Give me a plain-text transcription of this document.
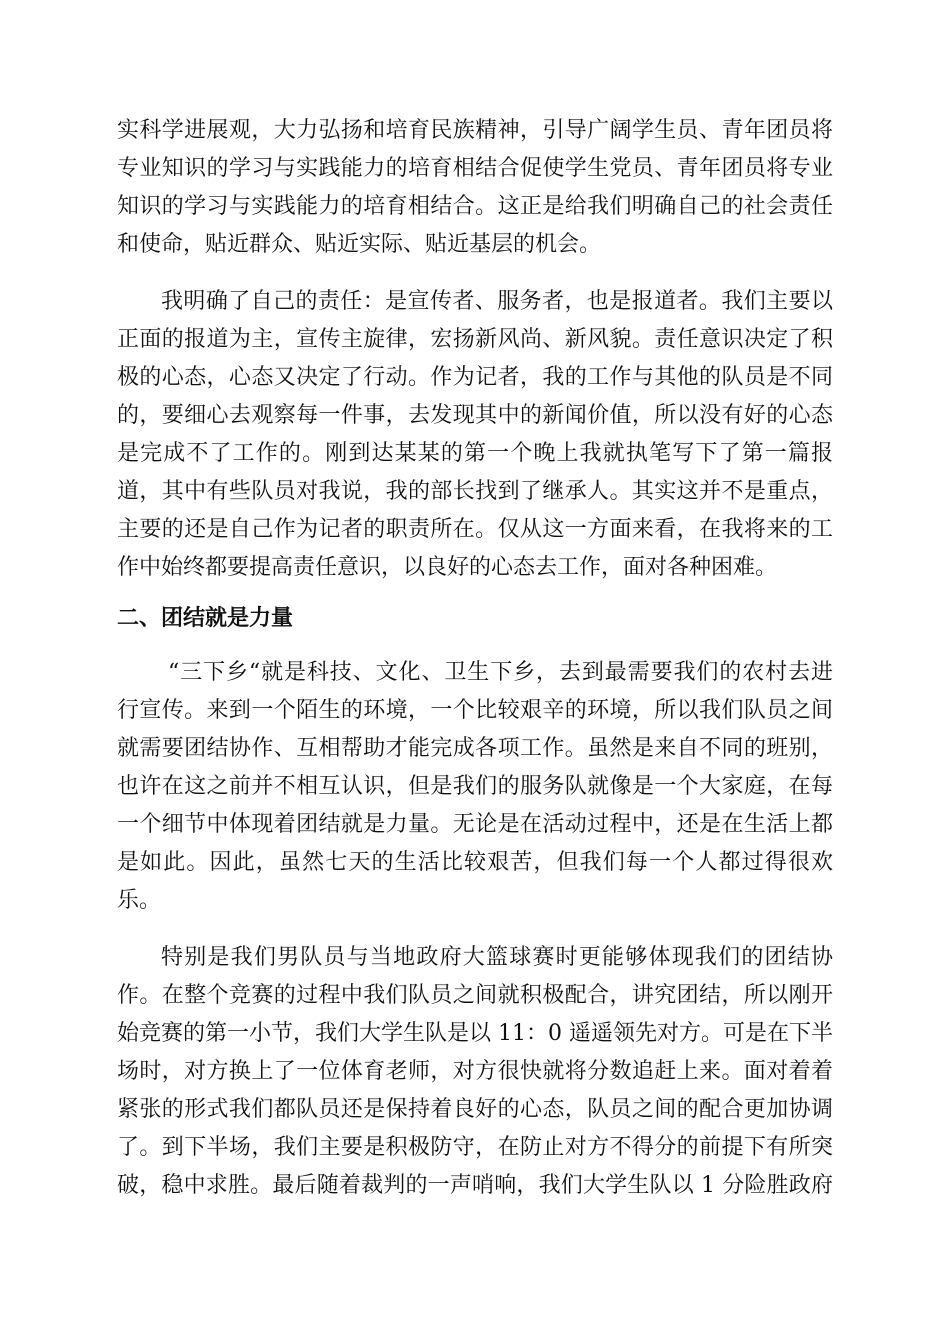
实科学进展观，大力弘扬和培育民族精神，引导广阔学生员、青年团员将
专业知识的学习与实践能力的培育相结合促使学生党员、青年团员将专业
知识的学习与实践能力的培育相结合。这正是给我们明确自己的社会责任
和使命，贴近群众、贴近实际、贴近基层的机会。
我明确了自己的责任：是宣传者、服务者，也是报道者。我们主要以
正面的报道为主，宣传主旋律，宏扬新风尚、新风貌。责任意识决定了积
极的心态，心态又决定了行动。作为记者，我的工作与其他的队员是不同
的，要细心去观察每一件事，去发现其中的新闻价值，所以没有好的心态
是完成不了工作的。刚到达某某的第一个晚上我就执笔写下了第一篇报
道，其中有些队员对我说，我的部长找到了继承人。其实这并不是重点，
主要的还是自己作为记者的职责所在。仅从这一方面来看，在我将来的工
作中始终都要提高责任意识，以良好的心态去工作，面对各种困难。
二、团结就是力量
“三下乡“就是科技、文化、卫生下乡，去到最需要我们的农村去进
行宣传。来到一个陌生的环境，一个比较艰辛的环境，所以我们队员之间
就需要团结协作、互相帮助才能完成各项工作。虽然是来自不同的班别，
也许在这之前并不相互认识，但是我们的服务队就像是一个大家庭，在每
一个细节中体现着团结就是力量。无论是在活动过程中，还是在生活上都
是如此。因此，虽然七天的生活比较艰苦，但我们每一个人都过得很欢
乐。
特别是我们男队员与当地政府大篮球赛时更能够体现我们的团结协
作。在整个竞赛的过程中我们队员之间就积极配合，讲究团结，所以刚开
始竞赛的第一小节，我们大学生队是以 11：0 遥遥领先对方。可是在下半
场时，对方换上了一位体育老师，对方很快就将分数追赶上来。面对着着
紧张的形式我们都队员还是保持着良好的心态，队员之间的配合更加协调
了。到下半场，我们主要是积极防守，在防止对方不得分的前提下有所突
破，稳中求胜。最后随着裁判的一声哨响，我们大学生队以 1 分险胜政府
